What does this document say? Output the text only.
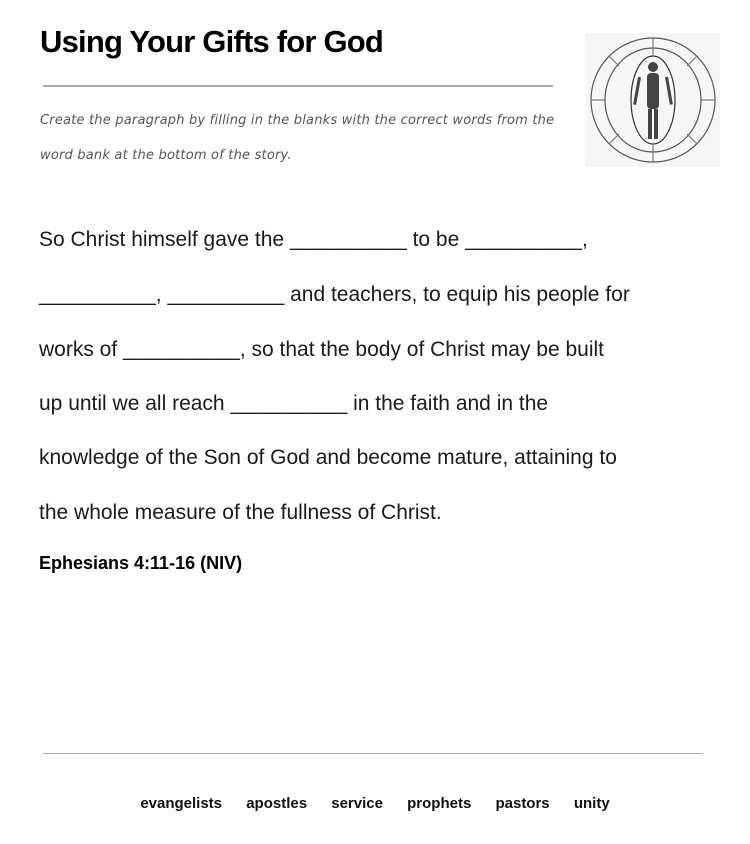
Using Your Gifts for God
Create the paragraph by filling in the blanks with the correct words from the word bank at the bottom of the story.
So Christ himself gave the __________ to be __________,
__________, __________ and teachers, to equip his people for
works of __________, so that the body of Christ may be built
up until we all reach __________ in the faith and in the
knowledge of the Son of God and become mature, attaining to
the whole measure of the fullness of Christ.
Ephesians 4:11-16 (NIV)
evangelists apostles service prophets pastors unity
